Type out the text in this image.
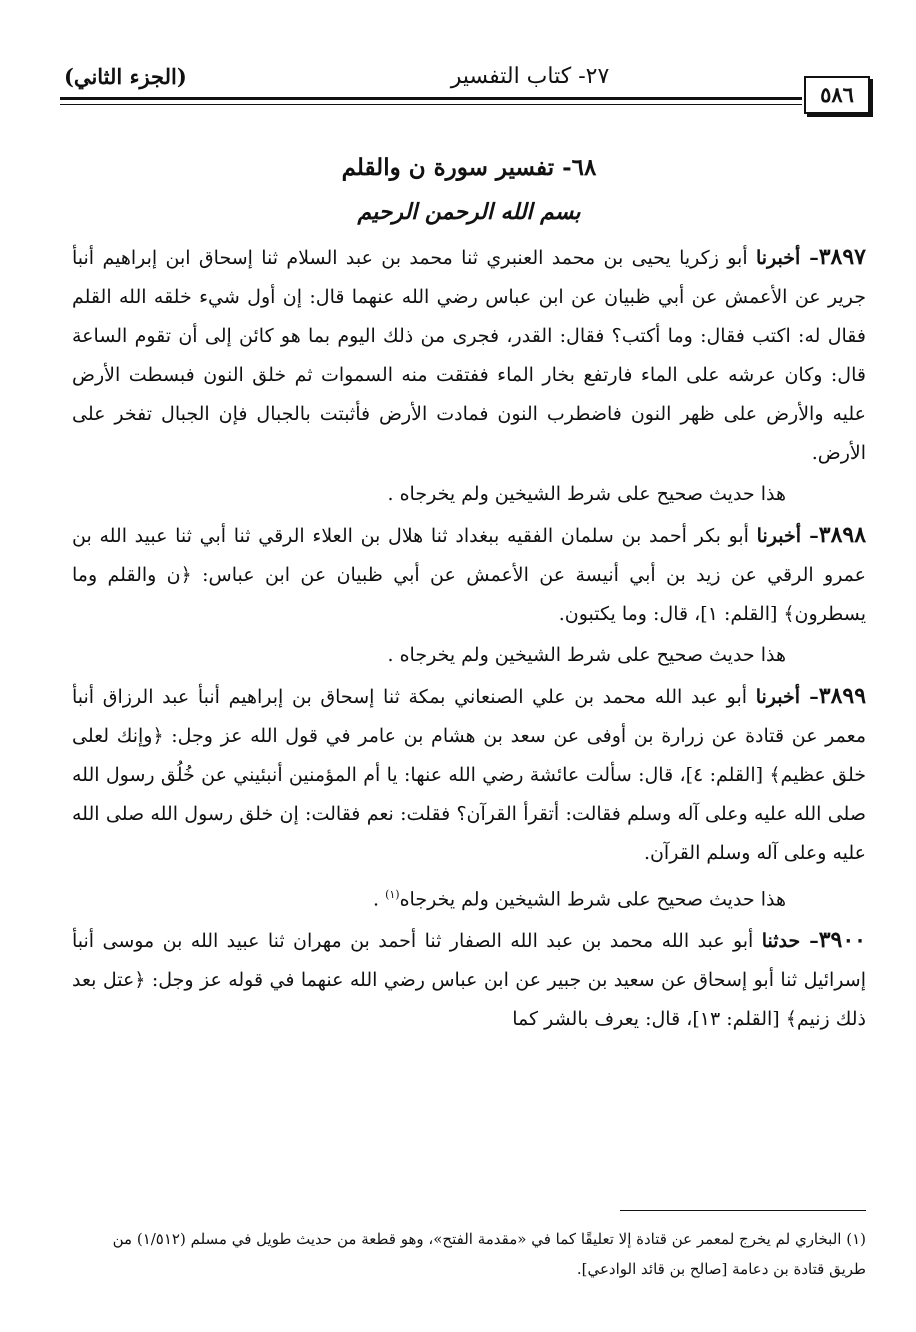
(الجزء الثاني)	٢٧- كتاب التفسير
٥٨٦
٦٨- تفسير سورة ن والقلم
بسم الله الرحمن الرحيم

٣٨٩٧– أخبرنا أبو زكريا يحيى بن محمد العنبري ثنا محمد بن عبد السلام ثنا إسحاق ابن إبراهيم أنبأ جرير عن الأعمش عن أبي ظبيان عن ابن عباس رضي الله عنهما قال: إن أول شيء خلقه الله القلم فقال له: اكتب فقال: وما أكتب؟ فقال: القدر، فجرى من ذلك اليوم بما هو كائن إلى أن تقوم الساعة قال: وكان عرشه على الماء فارتفع بخار الماء ففتقت منه السموات ثم خلق النون فبسطت الأرض عليه والأرض على ظهر النون فاضطرب النون فمادت الأرض فأثبتت بالجبال فإن الجبال تفخر على الأرض.

هذا حديث صحيح على شرط الشيخين ولم يخرجاه .

٣٨٩٨– أخبرنا أبو بكر أحمد بن سلمان الفقيه ببغداد ثنا هلال بن العلاء الرقي ثنا أبي ثنا عبيد الله بن عمرو الرقي عن زيد بن أبي أنيسة عن الأعمش عن أبي ظبيان عن ابن عباس: ﴿ن والقلم وما يسطرون﴾ [القلم: ١]، قال: وما يكتبون.

هذا حديث صحيح على شرط الشيخين ولم يخرجاه .

٣٨٩٩– أخبرنا أبو عبد الله محمد بن علي الصنعاني بمكة ثنا إسحاق بن إبراهيم أنبأ عبد الرزاق أنبأ معمر عن قتادة عن زرارة بن أوفى عن سعد بن هشام بن عامر في قول الله عز وجل: ﴿وإنك لعلى خلق عظيم﴾ [القلم: ٤]، قال: سألت عائشة رضي الله عنها: يا أم المؤمنين أنبئيني عن خُلُق رسول الله صلى الله عليه وعلى آله وسلم فقالت: أتقرأ القرآن؟ فقلت: نعم فقالت: إن خلق رسول الله صلى الله عليه وعلى آله وسلم القرآن.

هذا حديث صحيح على شرط الشيخين ولم يخرجاه$^{(١)}$ .

٣٩٠٠– حدثنا أبو عبد الله محمد بن عبد الله الصفار ثنا أحمد بن مهران ثنا عبيد الله بن موسى أنبأ إسرائيل ثنا أبو إسحاق عن سعيد بن جبير عن ابن عباس رضي الله عنهما في قوله عز وجل: ﴿عتل بعد ذلك زنيم﴾ [القلم: ١٣]، قال: يعرف بالشر كما

(١) البخاري لم يخرج لمعمر عن قتادة إلا تعليقًا كما في «مقدمة الفتح»، وهو قطعة من حديث طويل في مسلم (١/٥١٢) من طريق قتادة بن دعامة [صالح بن قائد الوادعي].
